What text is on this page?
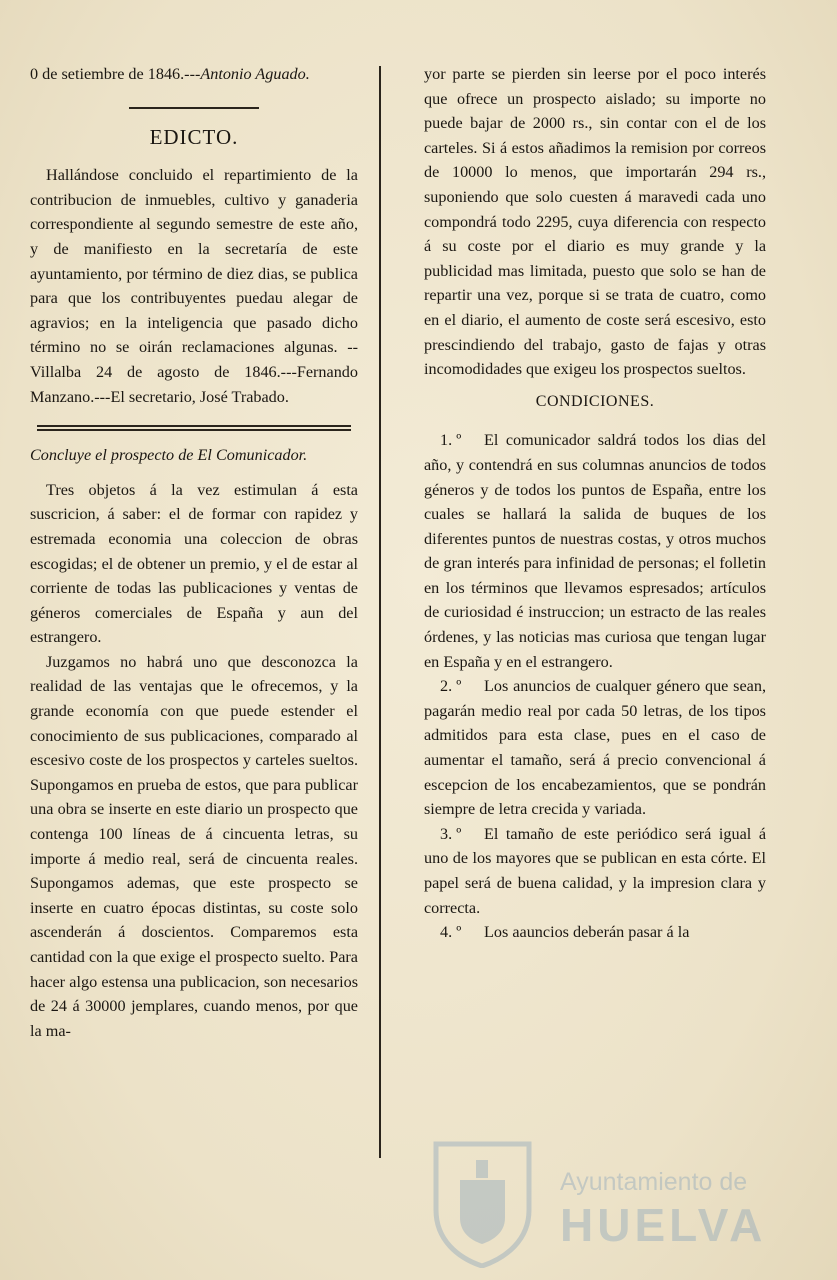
0 de setiembre de 1846.---Antonio Aguado.

EDICTO.

Hallándose concluido el repartimiento de la contribucion de inmuebles, cultivo y ganaderia correspondiente al segundo semestre de este año, y de manifiesto en la secretaría de este ayuntamiento, por término de diez dias, se publica para que los contribuyentes puedau alegar de agravios; en la inteligencia que pasado dicho término no se oirán reclamaciones algunas. --Villalba 24 de agosto de 1846.---Fernando Manzano.---El secretario, José Trabado.

Concluye el prospecto de El Comunicador.

Tres objetos á la vez estimulan á esta suscricion, á saber: el de formar con rapidez y estremada economia una coleccion de obras escogidas; el de obtener un premio, y el de estar al corriente de todas las publicaciones y ventas de géneros comerciales de España y aun del estrangero.

Juzgamos no habrá uno que desconozca la realidad de las ventajas que le ofrecemos, y la grande economía con que puede estender el conocimiento de sus publicaciones, comparado al escesivo coste de los prospectos y carteles sueltos. Supongamos en prueba de estos, que para publicar una obra se inserte en este diario un prospecto que contenga 100 líneas de á cincuenta letras, su importe á medio real, será de cincuenta reales. Supongamos ademas, que este prospecto se inserte en cuatro épocas distintas, su coste solo ascenderán á doscientos. Comparemos esta cantidad con la que exige el prospecto suelto. Para hacer algo estensa una publicacion, son necesarios de 24 á 30000 jemplares, cuando menos, por que la ma-

yor parte se pierden sin leerse por el poco interés que ofrece un prospecto aislado; su importe no puede bajar de 2000 rs., sin contar con el de los carteles. Si á estos añadimos la remision por correos de 10000 lo menos, que importarán 294 rs., suponiendo que solo cuesten á maravedi cada uno compondrá todo 2295, cuya diferencia con respecto á su coste por el diario es muy grande y la publicidad mas limitada, puesto que solo se han de repartir una vez, porque si se trata de cuatro, como en el diario, el aumento de coste será escesivo, esto prescindiendo del trabajo, gasto de fajas y otras incomodidades que exigeu los prospectos sueltos.

CONDICIONES.

1. º El comunicador saldrá todos los dias del año, y contendrá en sus columnas anuncios de todos géneros y de todos los puntos de España, entre los cuales se hallará la salida de buques de los diferentes puntos de nuestras costas, y otros muchos de gran interés para infinidad de personas; el folletin en los términos que llevamos espresados; artículos de curiosidad é instruccion; un estracto de las reales órdenes, y las noticias mas curiosa que tengan lugar en España y en el estrangero.

2. º Los anuncios de cualquer género que sean, pagarán medio real por cada 50 letras, de los tipos admitidos para esta clase, pues en el caso de aumentar el tamaño, será á precio convencional á escepcion de los encabezamientos, que se pondrán siempre de letra crecida y variada.

3. º El tamaño de este periódico será igual á uno de los mayores que se publican en esta córte. El papel será de buena calidad, y la impresion clara y correcta.

4. º Los aauncios deberán pasar á la

Ayuntamiento de
HUELVA
